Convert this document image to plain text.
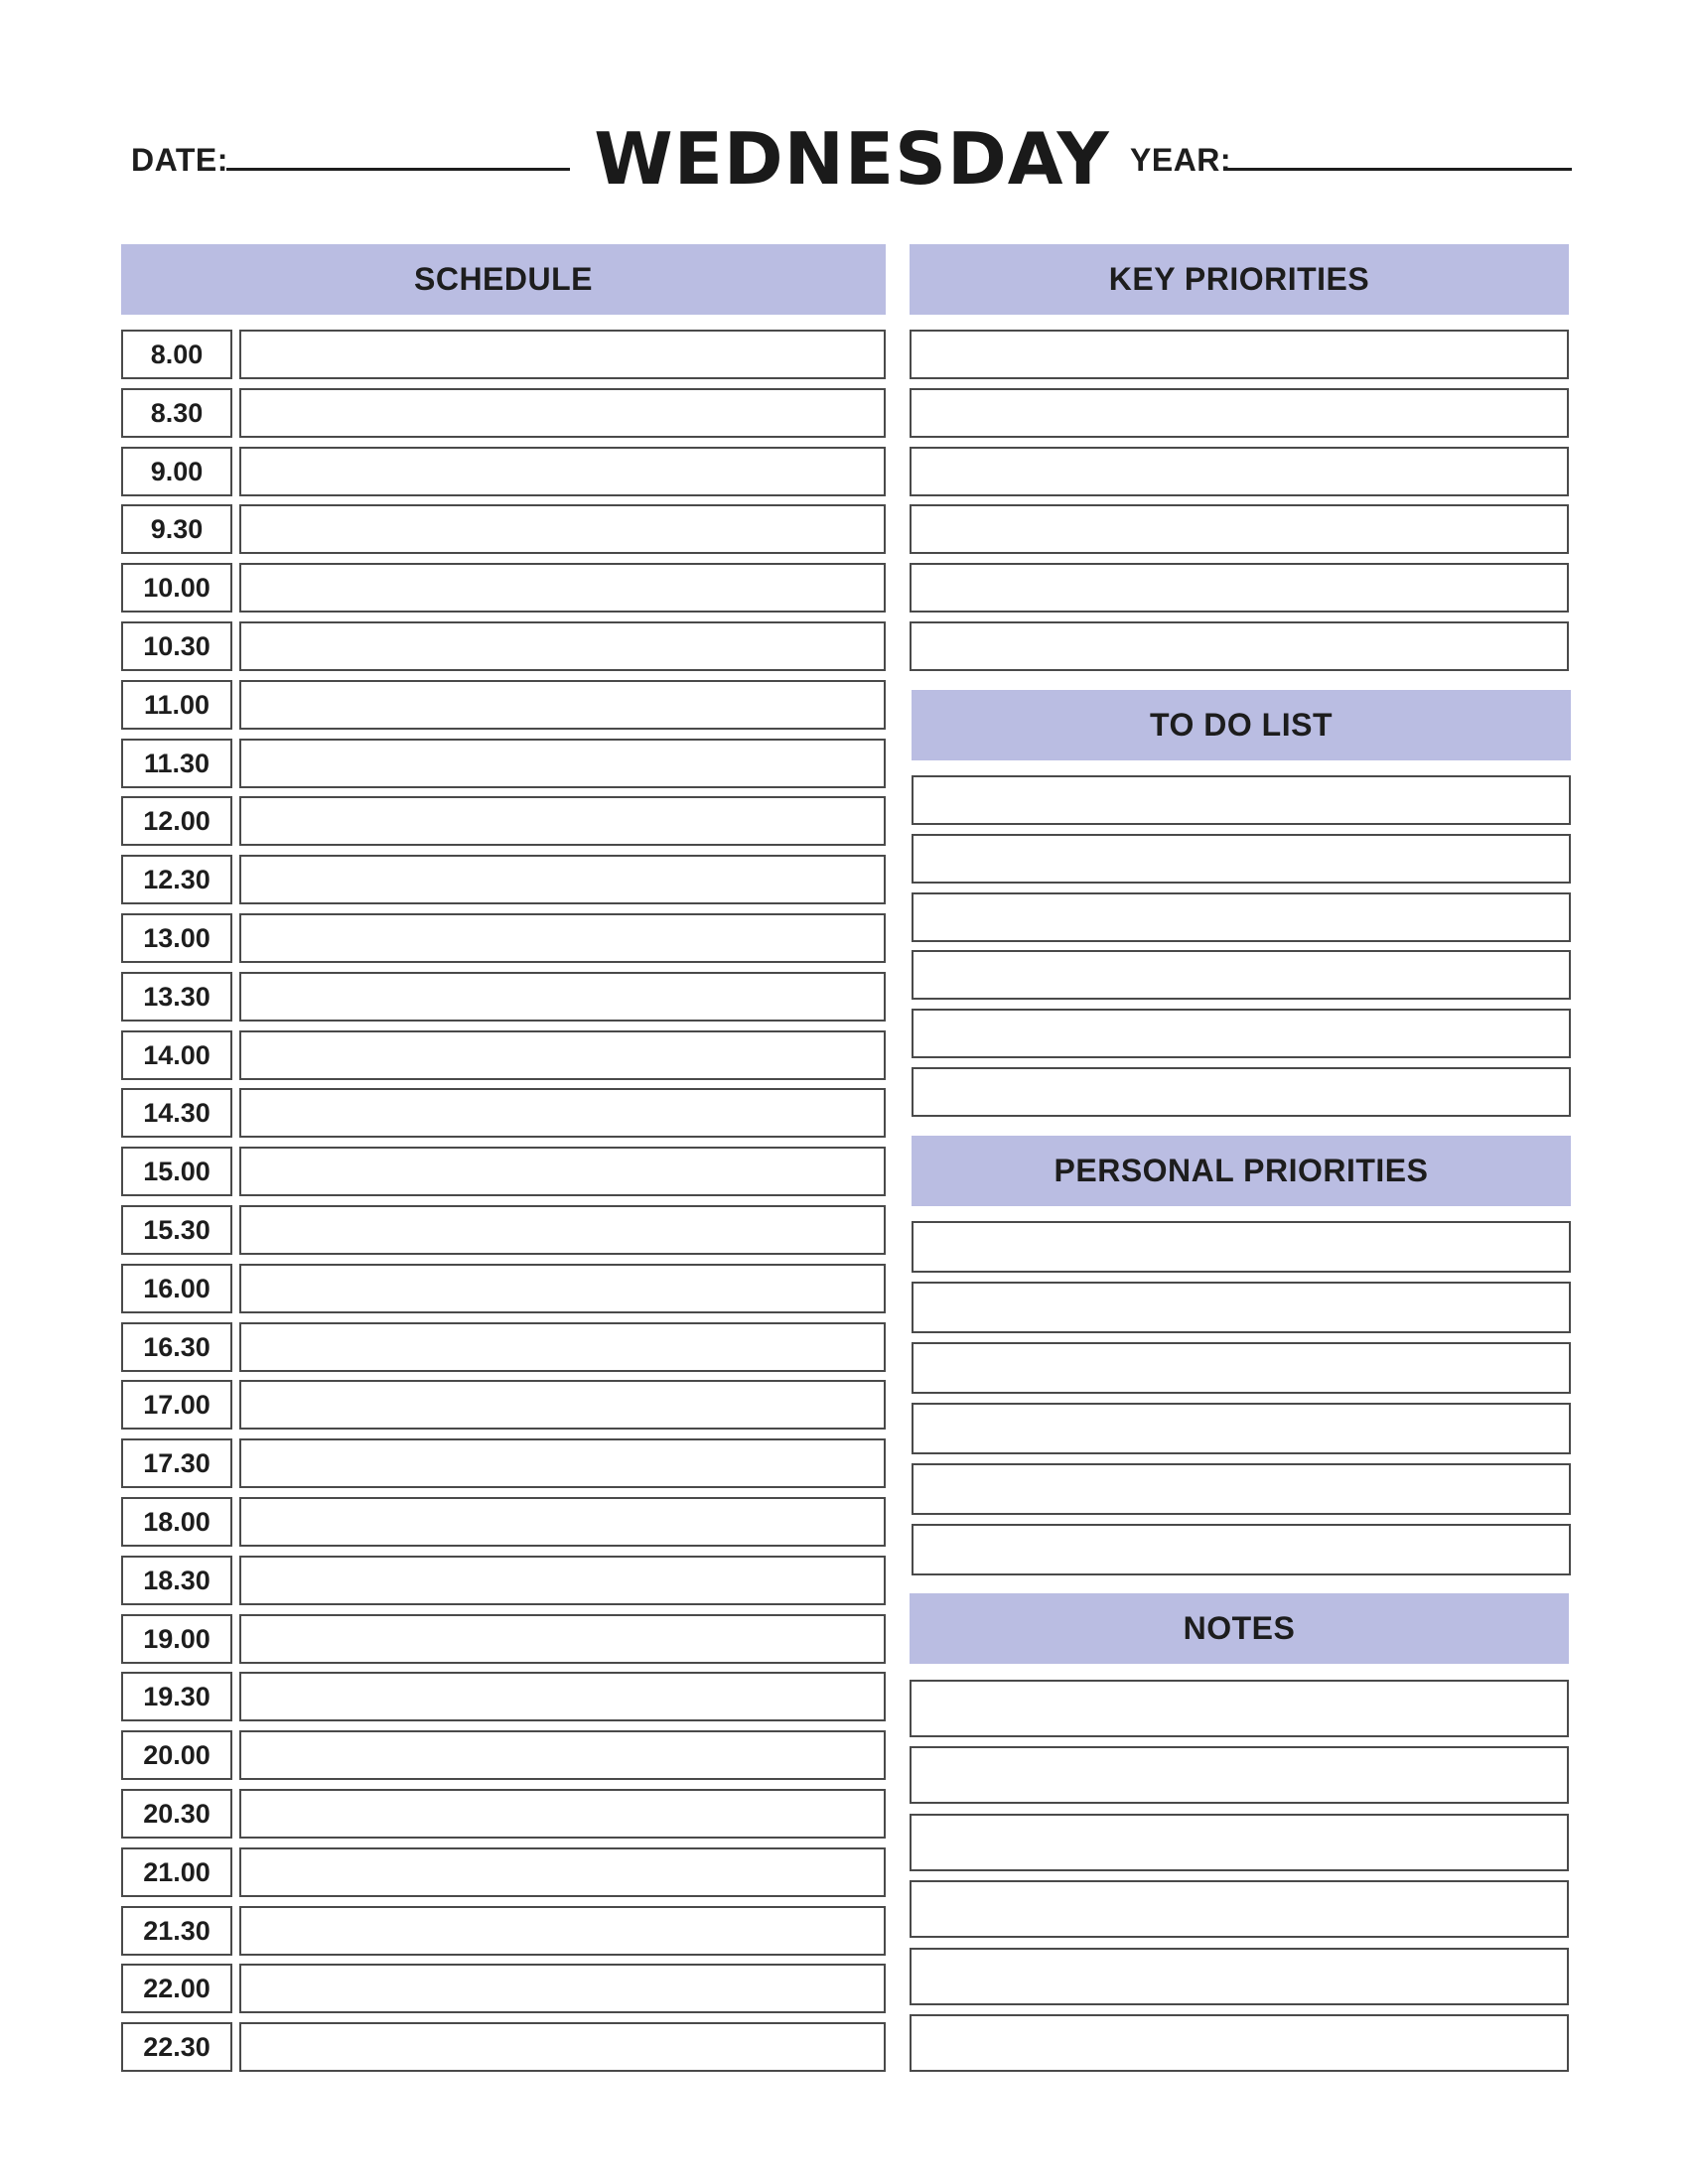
DATE:	WEDNESDAY YEAR:
SCHEDULE	KEY PRIORITIES
TO DO LIST
PERSONAL PRIORITIES
NOTES
8.00
8.30
9.00
9.30
10.00
10.30
11.00
11.30
12.00
12.30
13.00
13.30
14.00
14.30
15.00
15.30
16.00
16.30
17.00
17.30
18.00
18.30
19.00
19.30
20.00
20.30
21.00
21.30
22.00
22.30
